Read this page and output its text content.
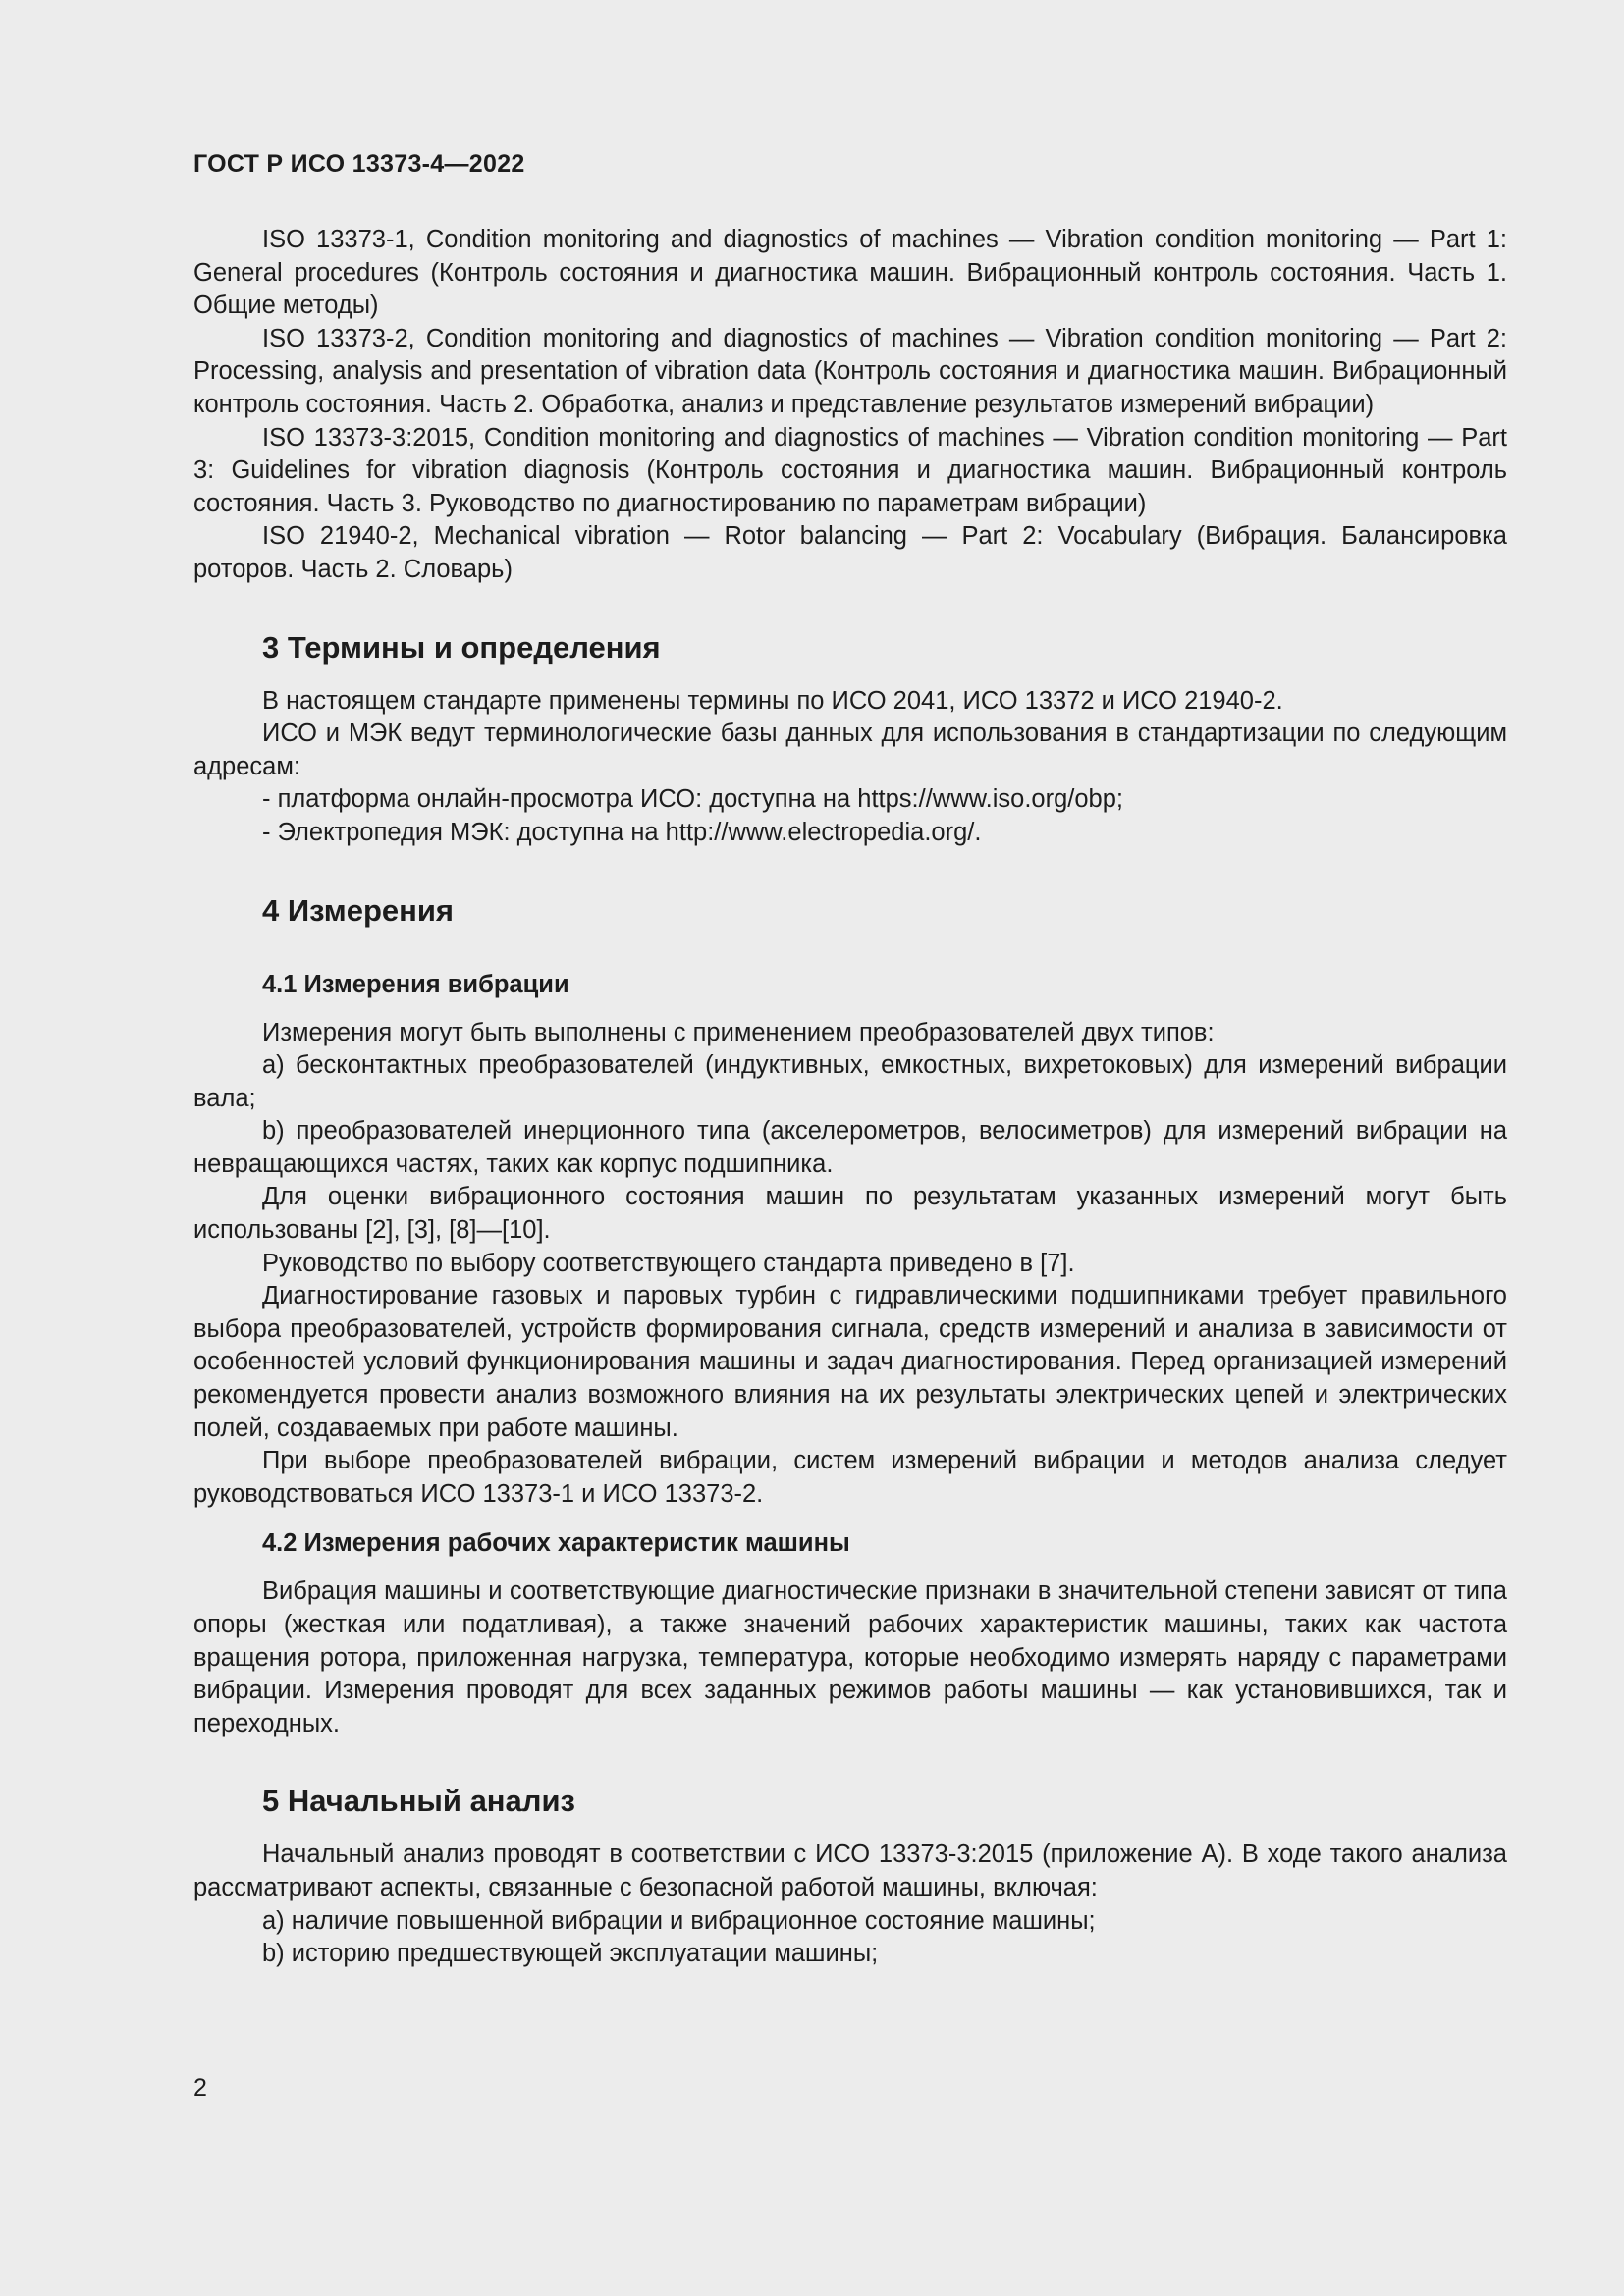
ГОСТ Р ИСО 13373-4—2022

ISO 13373-1, Condition monitoring and diagnostics of machines — Vibration condition monitoring — Part 1: General procedures (Контроль состояния и диагностика машин. Вибрационный контроль состояния. Часть 1. Общие методы)

ISO 13373-2, Condition monitoring and diagnostics of machines — Vibration condition monitoring — Part 2: Processing, analysis and presentation of vibration data (Контроль состояния и диагностика машин. Вибрационный контроль состояния. Часть 2. Обработка, анализ и представление результатов измерений вибрации)

ISO 13373-3:2015, Condition monitoring and diagnostics of machines — Vibration condition monitoring — Part 3: Guidelines for vibration diagnosis (Контроль состояния и диагностика машин. Вибрационный контроль состояния. Часть 3. Руководство по диагностированию по параметрам вибрации)

ISO 21940-2, Mechanical vibration — Rotor balancing — Part 2: Vocabulary (Вибрация. Балансировка роторов. Часть 2. Словарь)

3 Термины и определения

В настоящем стандарте применены термины по ИСО 2041, ИСО 13372 и ИСО 21940-2.

ИСО и МЭК ведут терминологические базы данных для использования в стандартизации по следующим адресам:

- платформа онлайн-просмотра ИСО: доступна на https://www.iso.org/obp;

- Электропедия МЭК: доступна на http://www.electropedia.org/.

4 Измерения
4.1 Измерения вибрации

Измерения могут быть выполнены с применением преобразователей двух типов:

a) бесконтактных преобразователей (индуктивных, емкостных, вихретоковых) для измерений вибрации вала;

b) преобразователей инерционного типа (акселерометров, велосиметров) для измерений вибрации на невращающихся частях, таких как корпус подшипника.

Для оценки вибрационного состояния машин по результатам указанных измерений могут быть использованы [2], [3], [8]—[10].

Руководство по выбору соответствующего стандарта приведено в [7].

Диагностирование газовых и паровых турбин с гидравлическими подшипниками требует правильного выбора преобразователей, устройств формирования сигнала, средств измерений и анализа в зависимости от особенностей условий функционирования машины и задач диагностирования. Перед организацией измерений рекомендуется провести анализ возможного влияния на их результаты электрических цепей и электрических полей, создаваемых при работе машины.

При выборе преобразователей вибрации, систем измерений вибрации и методов анализа следует руководствоваться ИСО 13373-1 и ИСО 13373-2.

4.2 Измерения рабочих характеристик машины

Вибрация машины и соответствующие диагностические признаки в значительной степени зависят от типа опоры (жесткая или податливая), а также значений рабочих характеристик машины, таких как частота вращения ротора, приложенная нагрузка, температура, которые необходимо измерять наряду с параметрами вибрации. Измерения проводят для всех заданных режимов работы машины — как установившихся, так и переходных.

5 Начальный анализ

Начальный анализ проводят в соответствии с ИСО 13373-3:2015 (приложение А). В ходе такого анализа рассматривают аспекты, связанные с безопасной работой машины, включая:

а) наличие повышенной вибрации и вибрационное состояние машины;

b) историю предшествующей эксплуатации машины;

2
